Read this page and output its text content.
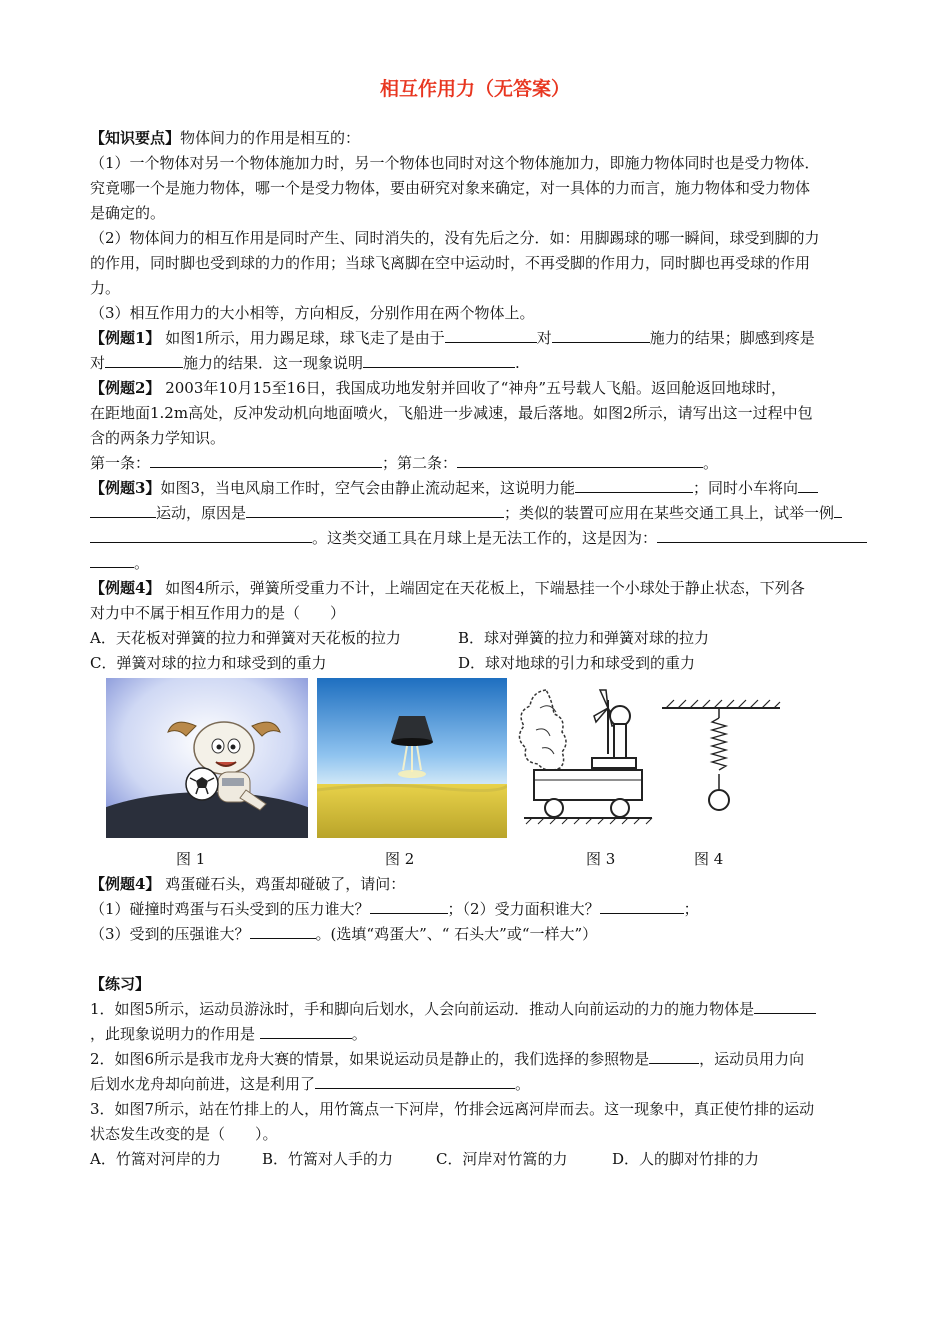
相互作用力（无答案）
【知识要点】物体间力的作用是相互的：
（1）一个物体对另一个物体施加力时，另一个物体也同时对这个物体施加力，即施力物体同时也是受力物体．
究竟哪一个是施力物体，哪一个是受力物体，要由研究对象来确定，对一具体的力而言，施力物体和受力物体
是确定的。
（2）物体间力的相互作用是同时产生、同时消失的，没有先后之分．如：用脚踢球的哪一瞬间，球受到脚的力
的作用，同时脚也受到球的力的作用；当球飞离脚在空中运动时，不再受脚的作用力，同时脚也再受球的作用
力。
（3）相互作用力的大小相等，方向相反，分别作用在两个物体上。
【例题1】 如图1所示，用力踢足球，球飞走了是由于	对	施力的结果；脚感到疼是
对	施力的结果．这一现象说明	.
【例题2】 2003年10月15至16日，我国成功地发射并回收了“神舟”五号载人飞船。返回舱返回地球时，
在距地面1.2m高处，反冲发动机向地面喷火，飞船进一步减速，最后落地。如图2所示，请写出这一过程中包
含的两条力学知识。
第一条：	；第二条：	。
【例题3】如图3，当电风扇工作时，空气会由静止流动起来，这说明力能	；同时小车将向
运动，原因是	；类似的装置可应用在某些交通工具上，试举一例
。这类交通工具在月球上是无法工作的，这是因为：
。
【例题4】 如图4所示，弹簧所受重力不计，上端固定在天花板上，下端悬挂一个小球处于静止状态，下列各
对力中不属于相互作用力的是（　　）
A．天花板对弹簧的拉力和弹簧对天花板的拉力	B．球对弹簧的拉力和弹簧对球的拉力
C．弹簧对球的拉力和球受到的重力	D．球对地球的引力和球受到的重力
图 1	图 2	图 3	图 4
【例题4】 鸡蛋碰石头，鸡蛋却碰破了，请问：
（1）碰撞时鸡蛋与石头受到的压力谁大？	；（2）受力面积谁大？	；
（3）受到的压强谁大？	。(选填“鸡蛋大”、“ 石头大”或“一样大”）
【练习】
1．如图5所示，运动员游泳时，手和脚向后划水，人会向前运动．推动人向前运动的力的施力物体是
，此现象说明力的作用是	。
2．如图6所示是我市龙舟大赛的情景，如果说运动员是静止的，我们选择的参照物是	，运动员用力向
后划水龙舟却向前进，这是利用了	。
3．如图7所示，站在竹排上的人，用竹篙点一下河岸，竹排会远离河岸而去。这一现象中，真正使竹排的运动
状态发生改变的是（　　）。
A．竹篙对河岸的力	B．竹篙对人手的力	C．河岸对竹篙的力	D．人的脚对竹排的力
